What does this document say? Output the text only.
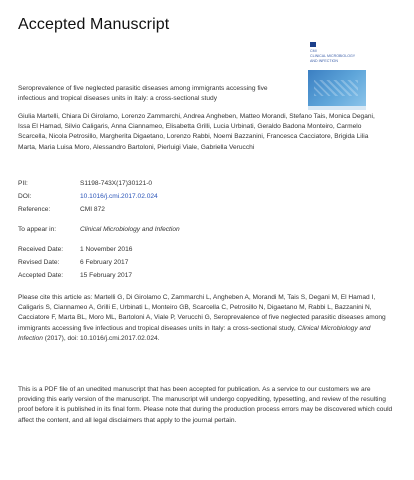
Accepted Manuscript
CMI
CLINICAL MICROBIOLOGY
AND INFECTION
Seroprevalence of five neglected parasitic diseases among immigrants accessing five infectious and tropical diseases units in Italy: a cross-sectional study
Giulia Martelli, Chiara Di Girolamo, Lorenzo Zammarchi, Andrea Angheben, Matteo Morandi, Stefano Tais, Monica Degani, Issa El Hamad, Silvio Caligaris, Anna Ciannameo, Elisabetta Grilli, Lucia Urbinati, Geraldo Badona Monteiro, Carmelo Scarcella, Nicola Petrosillo, Margherita Digaetano, Lorenzo Rabbi, Noemi Bazzanini, Francesca Cacciatore, Brigida Lilia Marta, Maria Luisa Moro, Alessandro Bartoloni, Pierluigi Viale, Gabriella Verucchi
PII:	S1198-743X(17)30121-0
DOI:	10.1016/j.cmi.2017.02.024
Reference:	CMI 872
To appear in:	Clinical Microbiology and Infection
Received Date:	1 November 2016
Revised Date:	6 February 2017
Accepted Date:	15 February 2017
Please cite this article as: Martelli G, Di Girolamo C, Zammarchi L, Angheben A, Morandi M, Tais S, Degani M, El Hamad I, Caligaris S, Ciannameo A, Grilli E, Urbinati L, Monteiro GB, Scarcella C, Petrosillo N, Digaetano M, Rabbi L, Bazzanini N, Cacciatore F, Marta BL, Moro ML, Bartoloni A, Viale P, Verucchi G, Seroprevalence of five neglected parasitic diseases among immigrants accessing five infectious and tropical diseases units in Italy: a cross-sectional study, Clinical Microbiology and Infection (2017), doi: 10.1016/j.cmi.2017.02.024.
This is a PDF file of an unedited manuscript that has been accepted for publication. As a service to our customers we are providing this early version of the manuscript. The manuscript will undergo copyediting, typesetting, and review of the resulting proof before it is published in its final form. Please note that during the production process errors may be discovered which could affect the content, and all legal disclaimers that apply to the journal pertain.
